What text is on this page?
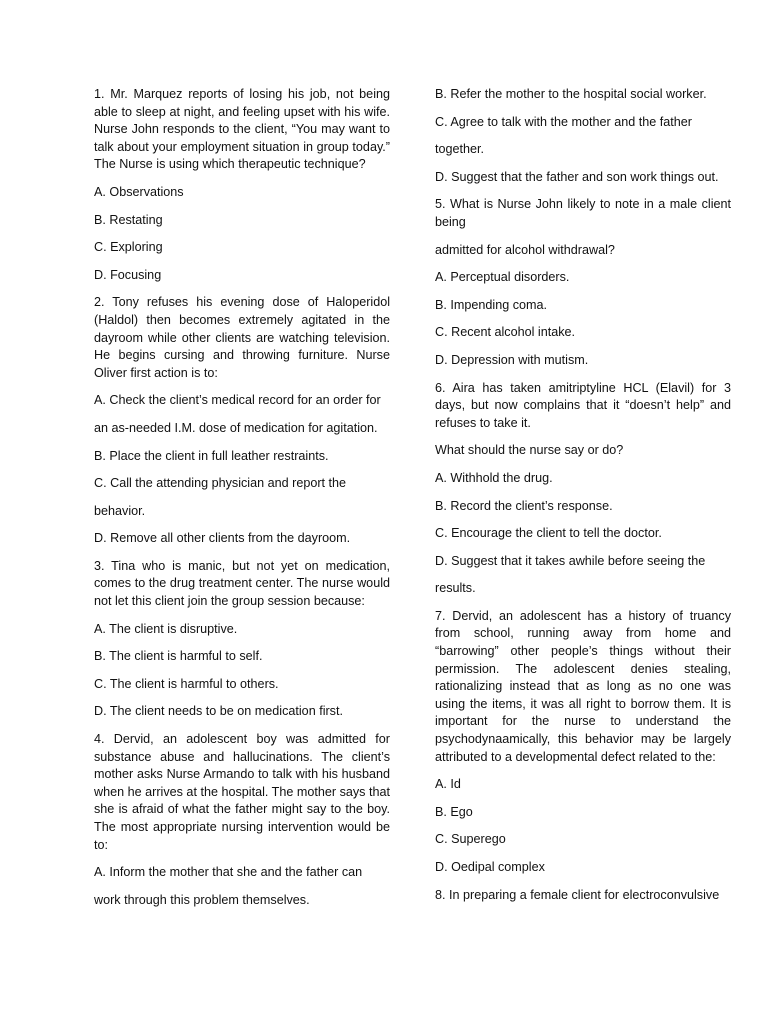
1. Mr. Marquez reports of losing his job, not being able to sleep at night, and feeling upset with his wife. Nurse John responds to the client, “You may want to talk about your employment situation in group today.” The Nurse is using which therapeutic technique?

A. Observations

B. Restating

C. Exploring

D. Focusing

2. Tony refuses his evening dose of Haloperidol (Haldol) then becomes extremely agitated in the dayroom while other clients are watching television. He begins cursing and throwing furniture. Nurse Oliver first action is to:

A. Check the client’s medical record for an order for

an as-needed I.M. dose of medication for agitation.

B. Place the client in full leather restraints.

C. Call the attending physician and report the

behavior.

D. Remove all other clients from the dayroom.

3. Tina who is manic, but not yet on medication, comes to the drug treatment center. The nurse would not let this client join the group session because:

A. The client is disruptive.

B. The client is harmful to self.

C. The client is harmful to others.

D. The client needs to be on medication first.

4. Dervid, an adolescent boy was admitted for substance abuse and hallucinations. The client’s mother asks Nurse Armando to talk with his husband when he arrives at the hospital. The mother says that she is afraid of what the father might say to the boy. The most appropriate nursing intervention would be to:

A. Inform the mother that she and the father can

work through this problem themselves.

B. Refer the mother to the hospital social worker.

C. Agree to talk with the mother and the father

together.

D. Suggest that the father and son work things out.

5. What is Nurse John likely to note in a male client being

admitted for alcohol withdrawal?

A. Perceptual disorders.

B. Impending coma.

C. Recent alcohol intake.

D. Depression with mutism.

6. Aira has taken amitriptyline HCL (Elavil) for 3 days, but now complains that it “doesn’t help” and refuses to take it.

What should the nurse say or do?

A. Withhold the drug.

B. Record the client’s response.

C. Encourage the client to tell the doctor.

D. Suggest that it takes awhile before seeing the

results.

7. Dervid, an adolescent has a history of truancy from school, running away from home and “barrowing” other people’s things without their permission. The adolescent denies stealing, rationalizing instead that as long as no one was using the items, it was all right to borrow them. It is important for the nurse to understand the psychodynaamically, this behavior may be largely attributed to a developmental defect related to the:

A. Id

B. Ego

C. Superego

D. Oedipal complex

8. In preparing a female client for electroconvulsive
